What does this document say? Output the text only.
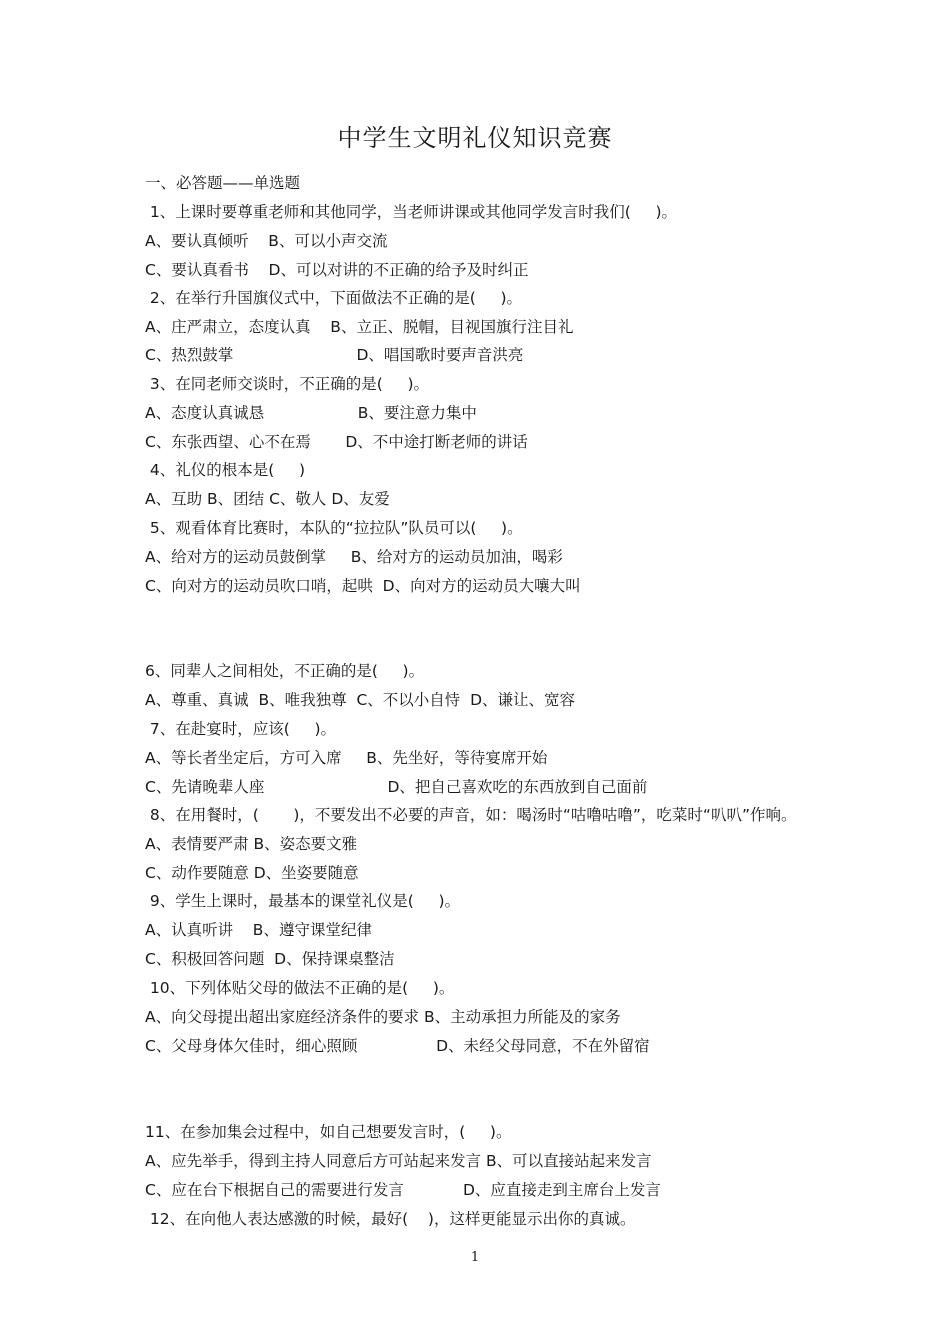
中学生文明礼仪知识竞赛
一、必答题——单选题
1、上课时要尊重老师和其他同学，当老师讲课或其他同学发言时我们(     )。
A、要认真倾听    B、可以小声交流
C、要认真看书    D、可以对讲的不正确的给予及时纠正
2、在举行升国旗仪式中，下面做法不正确的是(     )。
A、庄严肃立，态度认真    B、立正、脱帽，目视国旗行注目礼
C、热烈鼓掌                         D、唱国歌时要声音洪亮
3、在同老师交谈时，不正确的是(     )。
A、态度认真诚恳                   B、要注意力集中
C、东张西望、心不在焉       D、不中途打断老师的讲话
4、礼仪的根本是(     )
A、互助 B、团结 C、敬人 D、友爱
5、观看体育比赛时，本队的“拉拉队”队员可以(     )。
A、给对方的运动员鼓倒掌     B、给对方的运动员加油，喝彩
C、向对方的运动员吹口哨，起哄  D、向对方的运动员大嚷大叫
6、同辈人之间相处，不正确的是(     )。
A、尊重、真诚  B、唯我独尊  C、不以小自恃  D、谦让、宽容
7、在赴宴时，应该(     )。
A、等长者坐定后，方可入席     B、先坐好，等待宴席开始
C、先请晚辈人座                         D、把自己喜欢吃的东西放到自己面前
8、在用餐时，(       )，不要发出不必要的声音，如：喝汤时“咕噜咕噜”，吃菜时“叭叭”作响。
A、表情要严肃 B、姿态要文雅
C、动作要随意 D、坐姿要随意
9、学生上课时，最基本的课堂礼仪是(     )。
A、认真听讲    B、遵守课堂纪律
C、积极回答问题  D、保持课桌整洁
10、下列体贴父母的做法不正确的是(     )。
A、向父母提出超出家庭经济条件的要求 B、主动承担力所能及的家务
C、父母身体欠佳时，细心照顾                D、未经父母同意，不在外留宿
11、在参加集会过程中，如自己想要发言时，(     )。
A、应先举手，得到主持人同意后方可站起来发言 B、可以直接站起来发言
C、应在台下根据自己的需要进行发言            D、应直接走到主席台上发言
12、在向他人表达感激的时候，最好(    )，这样更能显示出你的真诚。
1
